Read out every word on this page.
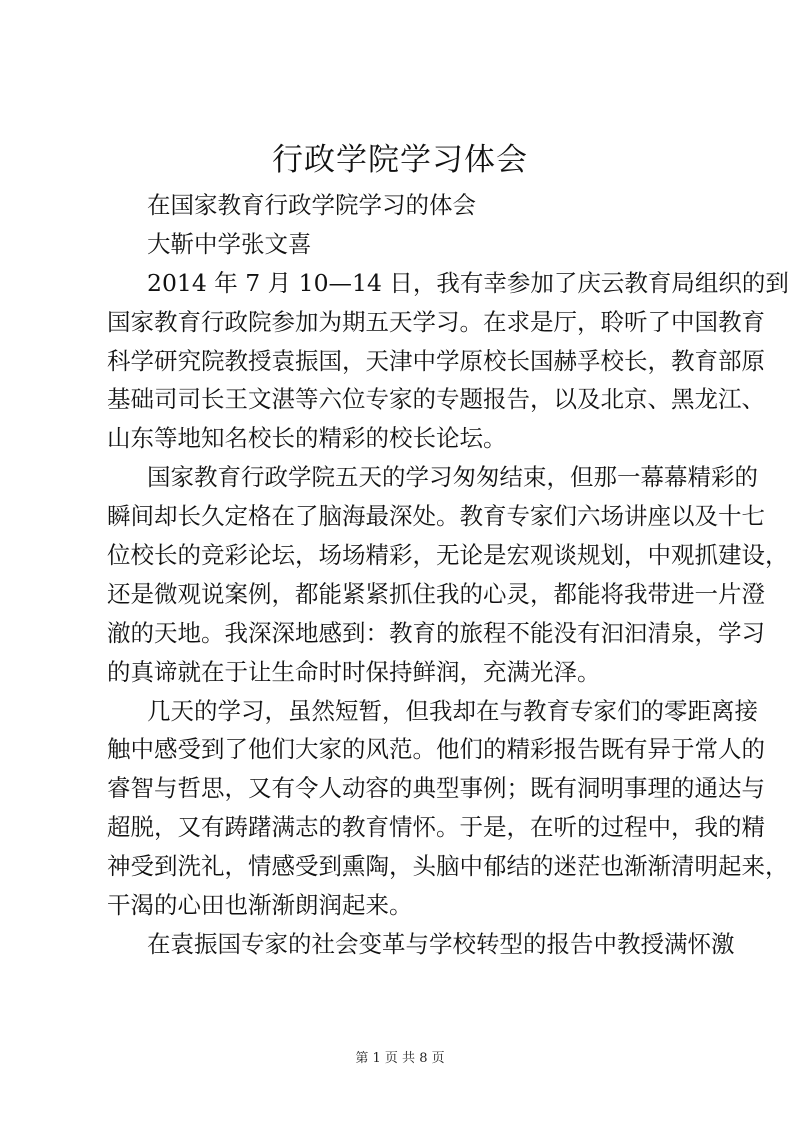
行政学院学习体会
在国家教育行政学院学习的体会
大靳中学张文喜
2014 年 7 月 10—14 日，我有幸参加了庆云教育局组织的到
国家教育行政院参加为期五天学习。在求是厅，聆听了中国教育
科学研究院教授袁振国，天津中学原校长国赫孚校长，教育部原
基础司司长王文湛等六位专家的专题报告，以及北京、黑龙江、
山东等地知名校长的精彩的校长论坛。
国家教育行政学院五天的学习匆匆结束，但那一幕幕精彩的
瞬间却长久定格在了脑海最深处。教育专家们六场讲座以及十七
位校长的竞彩论坛，场场精彩，无论是宏观谈规划，中观抓建设，
还是微观说案例，都能紧紧抓住我的心灵，都能将我带进一片澄
澈的天地。我深深地感到：教育的旅程不能没有汩汩清泉，学习
的真谛就在于让生命时时保持鲜润，充满光泽。
几天的学习，虽然短暂，但我却在与教育专家们的零距离接
触中感受到了他们大家的风范。他们的精彩报告既有异于常人的
睿智与哲思，又有令人动容的典型事例；既有洞明事理的通达与
超脱，又有踌躇满志的教育情怀。于是，在听的过程中，我的精
神受到洗礼，情感受到熏陶，头脑中郁结的迷茫也渐渐清明起来，
干渴的心田也渐渐朗润起来。
在袁振国专家的社会变革与学校转型的报告中教授满怀激
第 1 页 共 8 页
